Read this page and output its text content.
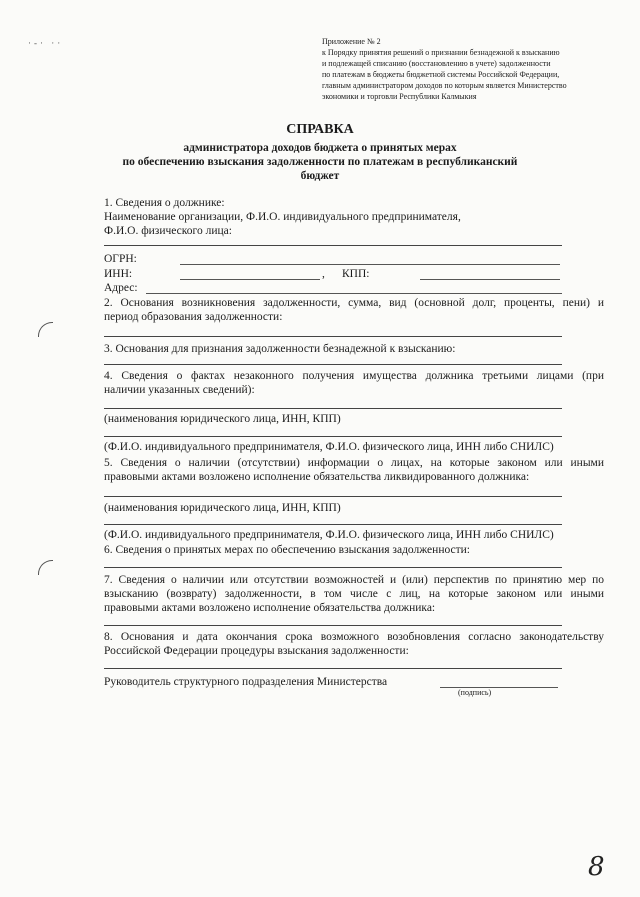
·-· ··	Приложение № 2
к Порядку принятия решений о признании безнадежной к взысканию
и подлежащей списанию (восстановлению в учете) задолженности
по платежам в бюджеты бюджетной системы Российской Федерации,
главным администратором доходов по которым является Министерство
экономики и торговли Республики Калмыкия
СПРАВКА
администратора доходов бюджета о принятых мерах
по обеспечению взыскания задолженности по платежам в республиканский
бюджет
1. Сведения о должнике:
Наименование организации, Ф.И.О. индивидуального предпринимателя,
Ф.И.О. физического лица:
ОГРН:
ИНН:	,	КПП:
Адрес:
2. Основания возникновения задолженности, сумма, вид (основной долг, проценты, пени) и
период образования задолженности:
3. Основания для признания задолженности безнадежной к взысканию:
4. Сведения о фактах незаконного получения имущества должника третьими лицами (при
наличии указанных сведений):
(наименования юридического лица, ИНН, КПП)
(Ф.И.О. индивидуального предпринимателя, Ф.И.О. физического лица, ИНН либо СНИЛС)
5. Сведения о наличии (отсутствии) информации о лицах, на которые законом или иными
правовыми актами возложено исполнение обязательства ликвидированного должника:
(наименования юридического лица, ИНН, КПП)
(Ф.И.О. индивидуального предпринимателя, Ф.И.О. физического лица, ИНН либо СНИЛС)
6. Сведения о принятых мерах по обеспечению взыскания задолженности:
7. Сведения о наличии или отсутствии возможностей и (или) перспектив по принятию мер по
взысканию (возврату) задолженности, в том числе с лиц, на которые законом или иными
правовыми актами возложено исполнение обязательства должника:
8. Основания и дата окончания срока возможного возобновления согласно законодательству
Российской Федерации процедуры взыскания задолженности:
Руководитель структурного подразделения Министерства
(подпись)
8
